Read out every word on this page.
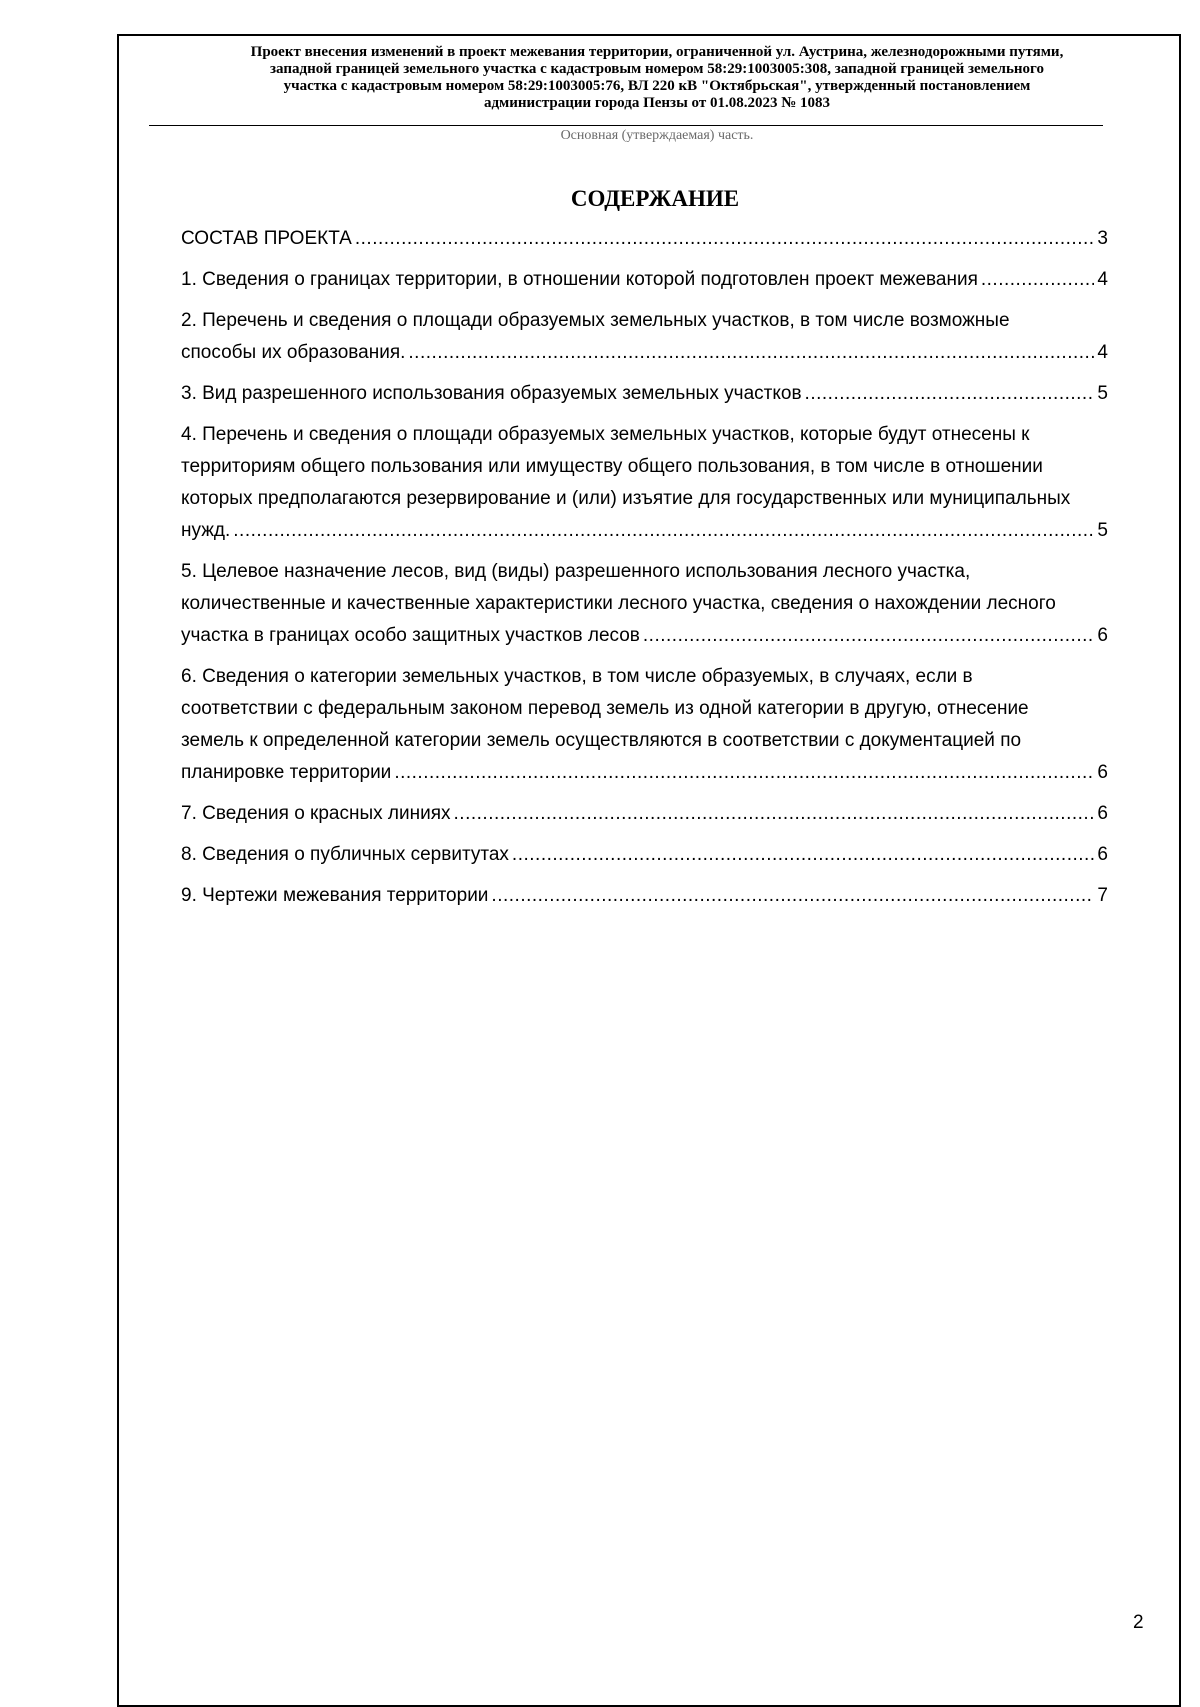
Проект внесения изменений в проект межевания территории, ограниченной ул. Аустрина, железнодорожными путями,
западной границей земельного участка с кадастровым номером 58:29:1003005:308, западной границей земельного
участка с кадастровым номером 58:29:1003005:76, ВЛ 220 кВ "Октябрьская", утвержденный постановлением
администрации города Пензы от 01.08.2023 № 1083
Основная (утверждаемая) часть.
СОДЕРЖАНИЕ
СОСТАВ ПРОЕКТА .....	3
1. Сведения о границах территории, в отношении которой подготовлен проект межевания .....	4
2. Перечень и сведения о площади образуемых земельных участков, в том числе возможные
способы их образования. .....	4
3. Вид разрешенного использования образуемых земельных участков .....	5
4. Перечень и сведения о площади образуемых земельных участков, которые будут отнесены к
территориям общего пользования или имуществу общего пользования, в том числе в отношении
которых предполагаются резервирование и (или) изъятие для государственных или муниципальных
нужд. .....	5
5. Целевое назначение лесов, вид (виды) разрешенного использования лесного участка,
количественные и качественные характеристики лесного участка, сведения о нахождении лесного
участка в границах особо защитных участков лесов .....	6
6. Сведения о категории земельных участков, в том числе образуемых, в случаях, если в
соответствии с федеральным законом перевод земель из одной категории в другую, отнесение
земель к определенной категории земель осуществляются в соответствии с документацией по
планировке территории .....	6
7. Сведения о красных линиях .....	6
8. Сведения о публичных сервитутах .....	6
9. Чертежи межевания территории .....	7
2
